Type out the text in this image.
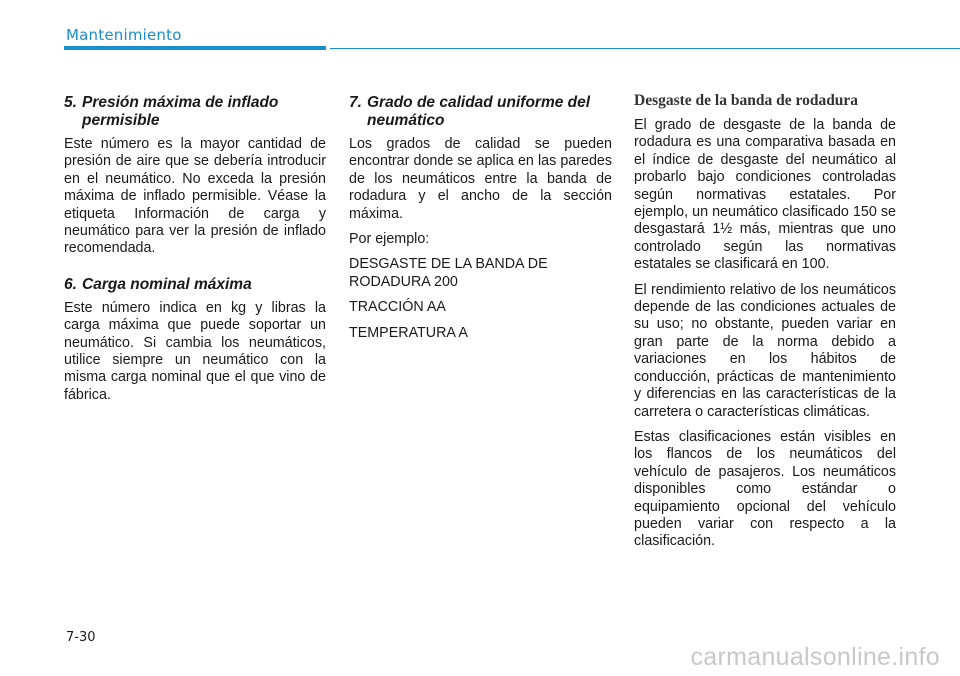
Mantenimiento
5. Presión máxima de inflado permisible

Este número es la mayor cantidad de presión de aire que se debería introducir en el neumático. No exceda la presión máxima de inflado permisible. Véase la etiqueta Información de carga y neumático para ver la presión de inflado recomendada.

6. Carga nominal máxima

Este número indica en kg y libras la carga máxima que puede soportar un neumático. Si cambia los neumáticos, utilice siempre un neumático con la misma carga nominal que el que vino de fábrica.

7. Grado de calidad uniforme del neumático

Los grados de calidad se pueden encontrar donde se aplica en las paredes de los neumáticos entre la banda de rodadura y el ancho de la sección máxima.

Por ejemplo:

DESGASTE DE LA BANDA DE RODADURA 200

TRACCIÓN AA

TEMPERATURA A

Desgaste de la banda de rodadura

El grado de desgaste de la banda de rodadura es una comparativa basada en el índice de desgaste del neumático al probarlo bajo condiciones controladas según normativas estatales. Por ejemplo, un neumático clasificado 150 se desgastará 1½ más, mientras que uno controlado según las normativas estatales se clasificará en 100.

El rendimiento relativo de los neumáticos depende de las condiciones actuales de su uso; no obstante, pueden variar en gran parte de la norma debido a variaciones en los hábitos de conducción, prácticas de mantenimiento y diferencias en las características de la carretera o características climáticas.

Estas clasificaciones están visibles en los flancos de los neumáticos del vehículo de pasajeros. Los neumáticos disponibles como estándar o equipamiento opcional del vehículo pueden variar con respecto a la clasificación.

7-30
carmanualsonline.info
